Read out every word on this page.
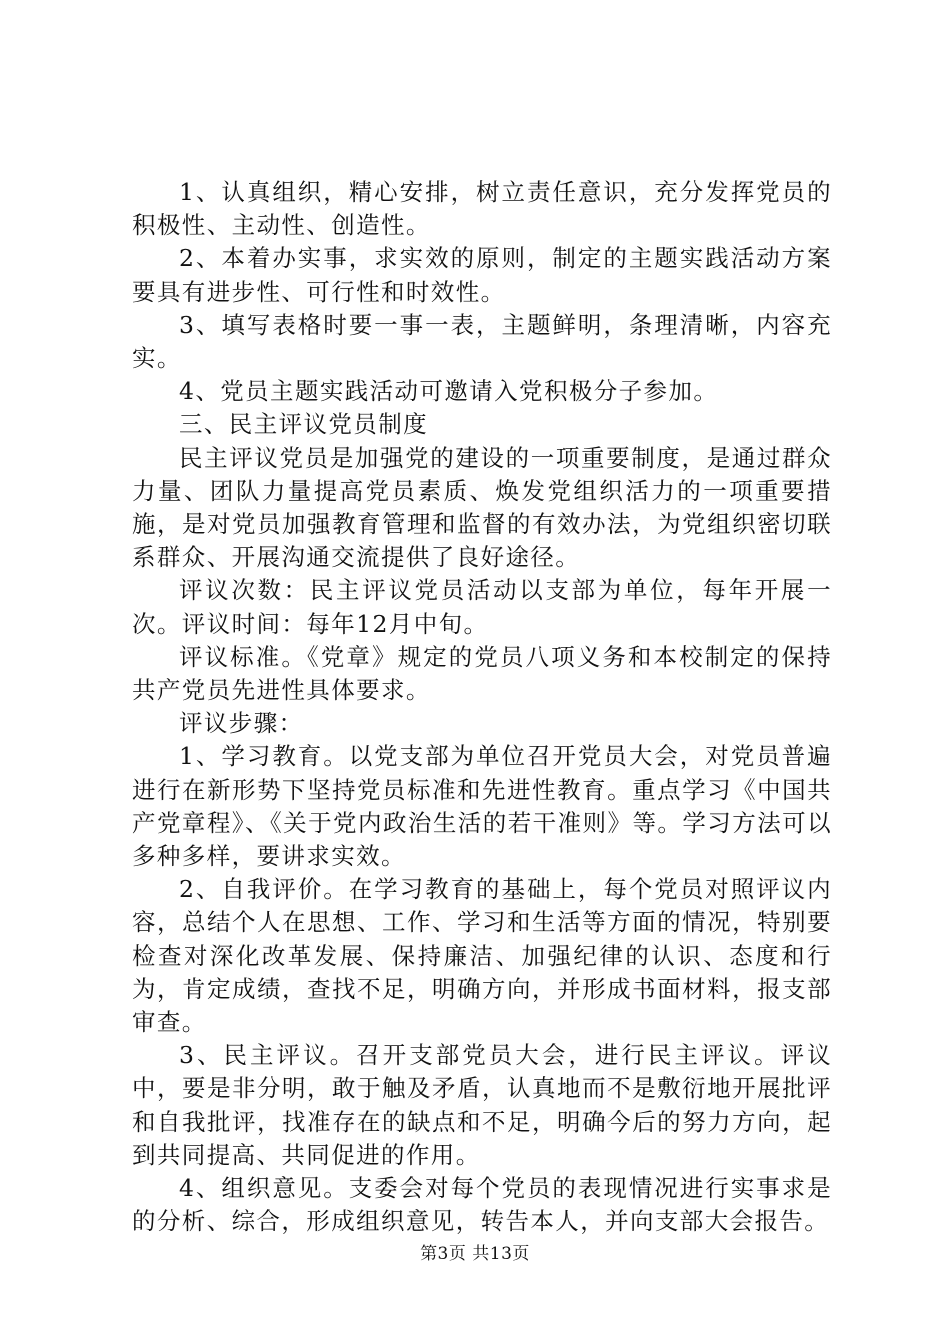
1、认真组织，精心安排，树立责任意识，充分发挥党员的积极性、主动性、创造性。

2、本着办实事，求实效的原则，制定的主题实践活动方案要具有进步性、可行性和时效性。

3、填写表格时要一事一表，主题鲜明，条理清晰，内容充实。

4、党员主题实践活动可邀请入党积极分子参加。

三、民主评议党员制度

民主评议党员是加强党的建设的一项重要制度，是通过群众力量、团队力量提高党员素质、焕发党组织活力的一项重要措施，是对党员加强教育管理和监督的有效办法，为党组织密切联系群众、开展沟通交流提供了良好途径。

评议次数：民主评议党员活动以支部为单位，每年开展一次。评议时间：每年12月中旬。

评议标准。《党章》规定的党员八项义务和本校制定的保持共产党员先进性具体要求。

评议步骤：

1、学习教育。以党支部为单位召开党员大会，对党员普遍进行在新形势下坚持党员标准和先进性教育。重点学习《中国共产党章程》、《关于党内政治生活的若干准则》等。学习方法可以多种多样，要讲求实效。

2、自我评价。在学习教育的基础上，每个党员对照评议内容，总结个人在思想、工作、学习和生活等方面的情况，特别要检查对深化改革发展、保持廉洁、加强纪律的认识、态度和行为，肯定成绩，查找不足，明确方向，并形成书面材料，报支部审查。

3、民主评议。召开支部党员大会，进行民主评议。评议中，要是非分明，敢于触及矛盾，认真地而不是敷衍地开展批评和自我批评，找准存在的缺点和不足，明确今后的努力方向，起到共同提高、共同促进的作用。

4、组织意见。支委会对每个党员的表现情况进行实事求是的分析、综合，形成组织意见，转告本人，并向支部大会报告。

第3页 共13页
